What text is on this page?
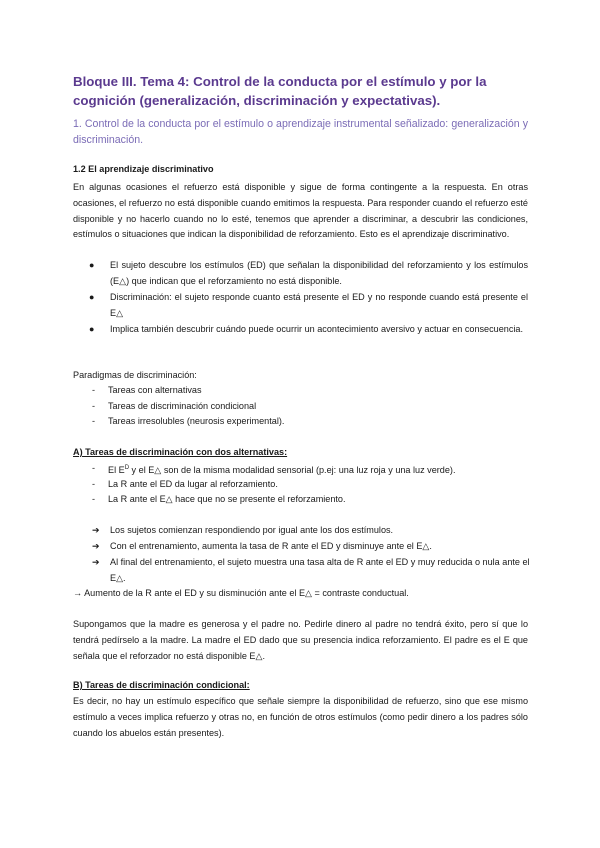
Bloque III. Tema 4: Control de la conducta por el estímulo y por la cognición (generalización, discriminación y expectativas).
1. Control de la conducta por el estímulo o aprendizaje instrumental señalizado: generalización y discriminación.
1.2 El aprendizaje discriminativo
En algunas ocasiones el refuerzo está disponible y sigue de forma contingente a la respuesta. En otras ocasiones, el refuerzo no está disponible cuando emitimos la respuesta. Para responder cuando el refuerzo esté disponible y no hacerlo cuando no lo esté, tenemos que aprender a discriminar, a descubrir las condiciones, estímulos o situaciones que indican la disponibilidad de reforzamiento. Esto es el aprendizaje discriminativo.
● El sujeto descubre los estímulos (ED) que señalan la disponibilidad del reforzamiento y los estímulos (E△) que indican que el reforzamiento no está disponible.
● Discriminación: el sujeto responde cuanto está presente el ED y no responde cuando está presente el E△
● Implica también descubrir cuándo puede ocurrir un acontecimiento aversivo y actuar en consecuencia.
Paradigmas de discriminación:
- Tareas con alternativas
- Tareas de discriminación condicional
- Tareas irresolubles (neurosis experimental).
A) Tareas de discriminación con dos alternativas:
- El $E^D$ y el E△ son de la misma modalidad sensorial (p.ej: una luz roja y una luz verde).
- La R ante el ED da lugar al reforzamiento.
- La R ante el E△ hace que no se presente el reforzamiento.
➔ Los sujetos comienzan respondiendo por igual ante los dos estímulos.
➔ Con el entrenamiento, aumenta la tasa de R ante el ED y disminuye ante el E△.
➔ Al final del entrenamiento, el sujeto muestra una tasa alta de R ante el ED y muy reducida o nula ante el E△.
→ Aumento de la R ante el ED y su disminución ante el E△ = contraste conductual.
Supongamos que la madre es generosa y el padre no. Pedirle dinero al padre no tendrá éxito, pero sí que lo tendrá pedírselo a la madre. La madre el ED dado que su presencia indica reforzamiento. El padre es el E que señala que el reforzador no está disponible E△.
B) Tareas de discriminación condicional:
Es decir, no hay un estímulo específico que señale siempre la disponibilidad de refuerzo, sino que ese mismo estímulo a veces implica refuerzo y otras no, en función de otros estímulos (como pedir dinero a los padres sólo cuando los abuelos están presentes).
